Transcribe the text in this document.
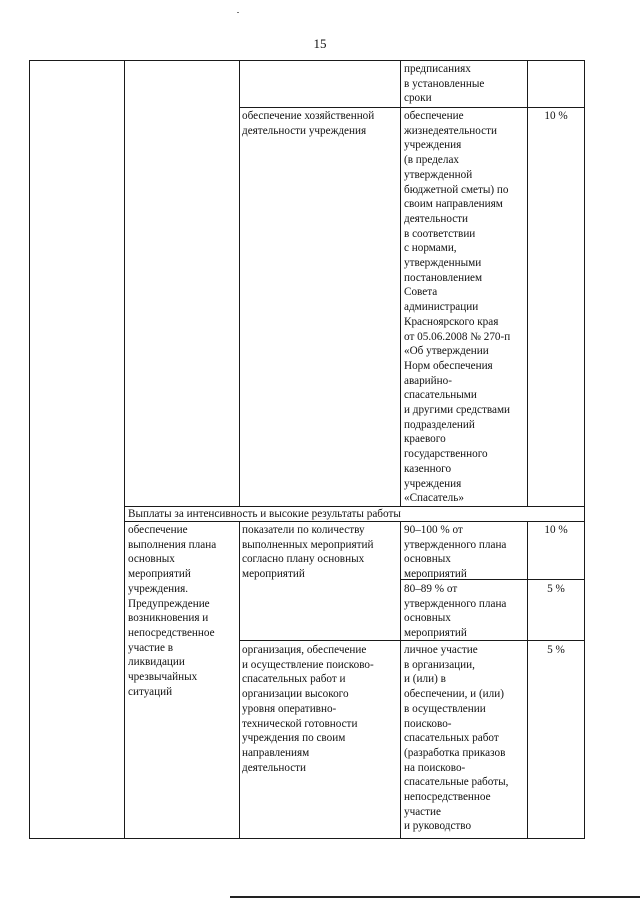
15
предписаниях
в установленные
сроки
обеспечение хозяйственной
деятельности учреждения
обеспечение
жизнедеятельности
учреждения
(в пределах
утвержденной
бюджетной сметы) по
своим направлениям
деятельности
в соответствии
с нормами,
утвержденными
постановлением
Совета
администрации
Красноярского края
от 05.06.2008 № 270-п
«Об утверждении
Норм обеспечения
аварийно-
спасательными
и другими средствами
подразделений
краевого
государственного
казенного
учреждения
«Спасатель»
10 %
Выплаты за интенсивность и высокие результаты работы
обеспечение
выполнения плана
основных
мероприятий
учреждения.
Предупреждение
возникновения и
непосредственное
участие в
ликвидации
чрезвычайных
ситуаций
показатели по количеству
выполненных мероприятий
согласно плану основных
мероприятий
90–100 % от
утвержденного плана
основных
мероприятий
10 %
80–89 % от
утвержденного плана
основных
мероприятий
5 %
организация, обеспечение
и осуществление поисково-
спасательных работ и
организации высокого
уровня оперативно-
технической готовности
учреждения по своим
направлениям
деятельности
личное участие
в организации,
и (или) в
обеспечении, и (или)
в осуществлении
поисково-
спасательных работ
(разработка приказов
на поисково-
спасательные работы,
непосредственное
участие
и руководство
5 %
